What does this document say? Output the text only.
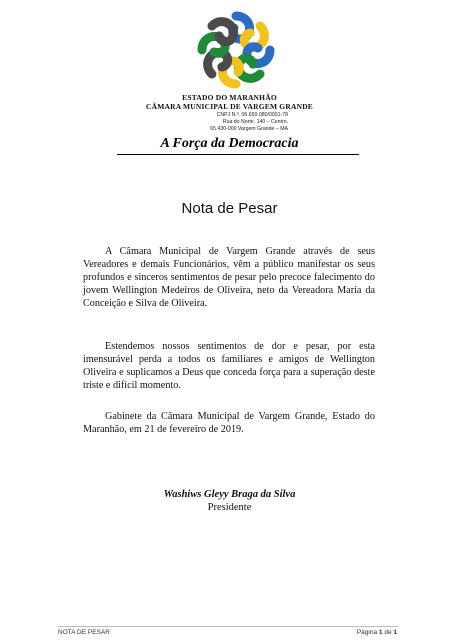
ESTADO DO MARANHÃO
CÂMARA MUNICIPAL DE VARGEM GRANDE
CNPJ N.º. 06.659.080/0001-78
Rua do Norte, 140 – Centro,
65.430-000 Vargem Grande – MA
A Força da Democracia
Nota de Pesar

A Câmara Municipal de Vargem Grande através de seus Vereadores e demais Funcionários, vêm a público manifestar os seus profundos e sinceros sentimentos de pesar pelo precoce falecimento do jovem Wellington Medeiros de Oliveira, neto da Vereadora Maria da Conceição e Silva de Oliveira.

Estendemos nossos sentimentos de dor e pesar, por esta imensurável perda a todos os familiares e amigos de Wellington Oliveira e suplicamos a Deus que conceda força para a superação deste triste e difícil momento.

Gabinete da Câmara Municipal de Vargem Grande, Estado do Maranhão, em 21 de fevereiro de 2019.

Washiws Gleyy Braga da Silva
Presidente
NOTA DE PESAR	Página 1 de 1
